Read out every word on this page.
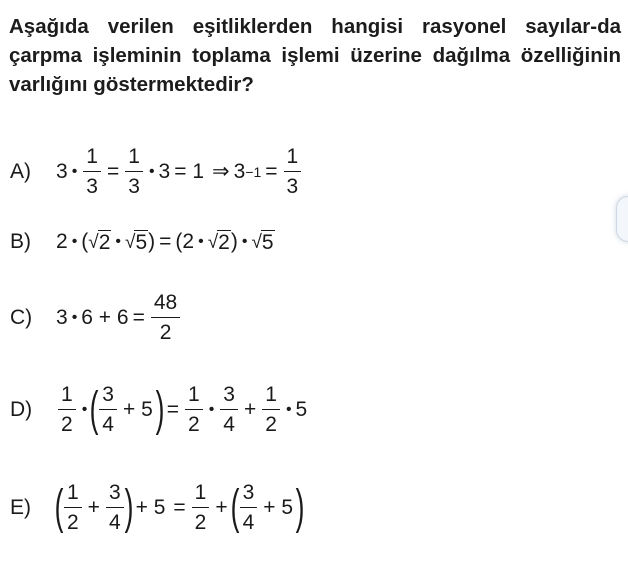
Aşağıda verilen eşitliklerden hangisi rasyonel sayılar-da çarpma işleminin toplama işlemi üzerine dağılma özelliğinin varlığını göstermektedir?

A)	3 • $\frac{1}{3} = \frac{1}{3}$ • 3 = 1 ⇒ $3 -1 = \frac{1}{3}$
B)	2 • ( √ 2 • √ 5 ) = (2 • √ 2 ) • √ 5
C)	3 • $6 + 6 = \frac{48}{2}$
D)	$\frac{1}{2}$ • ( $\frac{3}{4} + 5$ ) = $\frac{1}{2}$ • $\frac{3}{4} + \frac{1}{2}$ • 5
E) ( $\frac{1}{2} + \frac{3}{4}$ ) + $5 = \frac{1}{2}$ + ( $\frac{3}{4} + 5$ )
